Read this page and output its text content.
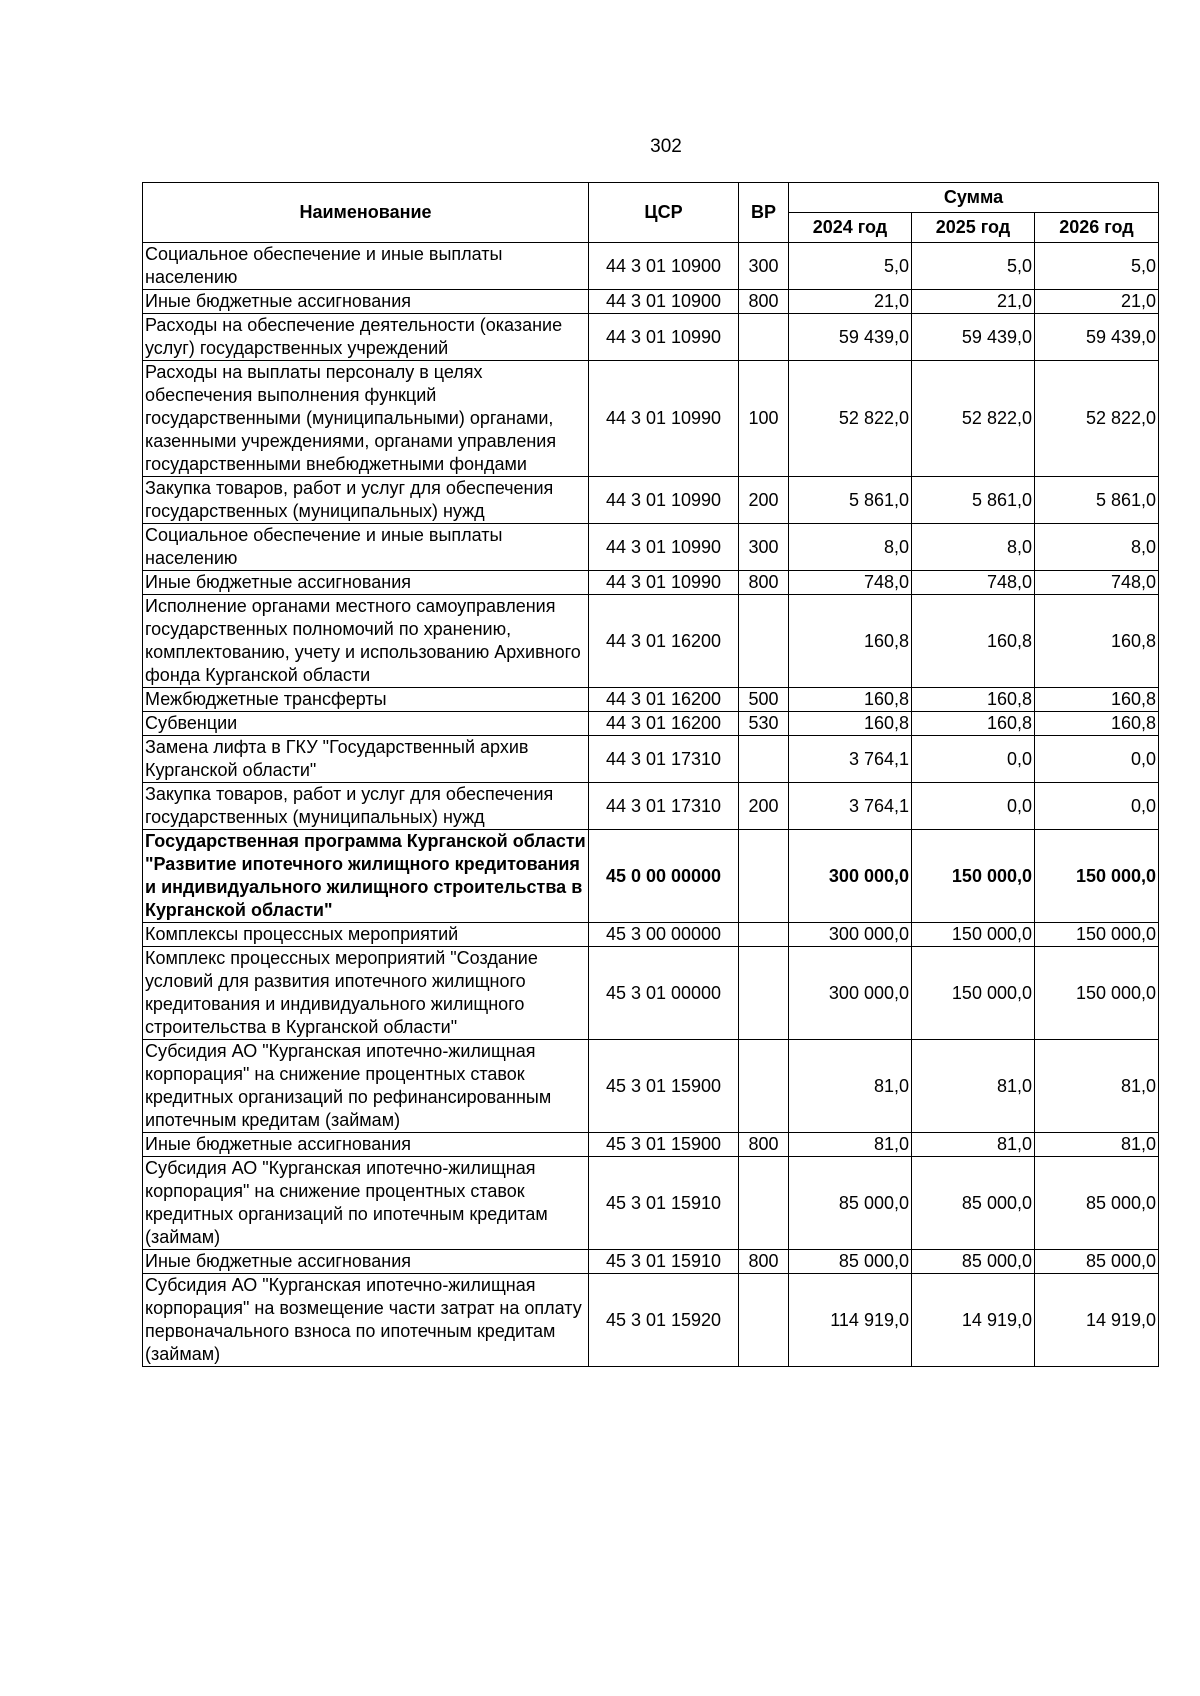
302
Наименование	ЦСР	ВР	Сумма		
			2024 год	2025 год	2026 год
Социальное обеспечение и иные выплаты населению	44 3 01 10900	300	5,0	5,0	5,0
Иные бюджетные ассигнования	44 3 01 10900	800	21,0	21,0	21,0
Расходы на обеспечение деятельности (оказание услуг) государственных учреждений	44 3 01 10990		59 439,0	59 439,0	59 439,0
Расходы на выплаты персоналу в целях обеспечения выполнения функций государственными (муниципальными) органами, казенными учреждениями, органами управления государственными внебюджетными фондами	44 3 01 10990	100	52 822,0	52 822,0	52 822,0
Закупка товаров, работ и услуг для обеспечения государственных (муниципальных) нужд	44 3 01 10990	200	5 861,0	5 861,0	5 861,0
Социальное обеспечение и иные выплаты населению	44 3 01 10990	300	8,0	8,0	8,0
Иные бюджетные ассигнования	44 3 01 10990	800	748,0	748,0	748,0
Исполнение органами местного самоуправления государственных полномочий по хранению, комплектованию, учету и использованию Архивного фонда Курганской области	44 3 01 16200		160,8	160,8	160,8
Межбюджетные трансферты	44 3 01 16200	500	160,8	160,8	160,8
Субвенции	44 3 01 16200	530	160,8	160,8	160,8
Замена лифта в ГКУ "Государственный архив Курганской области"	44 3 01 17310		3 764,1	0,0	0,0
Закупка товаров, работ и услуг для обеспечения государственных (муниципальных) нужд	44 3 01 17310	200	3 764,1	0,0	0,0
Государственная программа Курганской области "Развитие ипотечного жилищного кредитования и индивидуального жилищного строительства в Курганской области"	45 0 00 00000		300 000,0	150 000,0	150 000,0
Комплексы процессных мероприятий	45 3 00 00000		300 000,0	150 000,0	150 000,0
Комплекс процессных мероприятий "Создание условий для развития ипотечного жилищного кредитования и индивидуального жилищного строительства в Курганской области"	45 3 01 00000		300 000,0	150 000,0	150 000,0
Субсидия АО "Курганская ипотечно-жилищная корпорация" на снижение процентных ставок кредитных организаций по рефинансированным ипотечным кредитам (займам)	45 3 01 15900		81,0	81,0	81,0
Иные бюджетные ассигнования	45 3 01 15900	800	81,0	81,0	81,0
Субсидия АО "Курганская ипотечно-жилищная корпорация" на снижение процентных ставок кредитных организаций по ипотечным кредитам (займам)	45 3 01 15910		85 000,0	85 000,0	85 000,0
Иные бюджетные ассигнования	45 3 01 15910	800	85 000,0	85 000,0	85 000,0
Субсидия АО "Курганская ипотечно-жилищная корпорация" на возмещение части затрат на оплату первоначального взноса по ипотечным кредитам (займам)	45 3 01 15920		114 919,0	14 919,0	14 919,0
